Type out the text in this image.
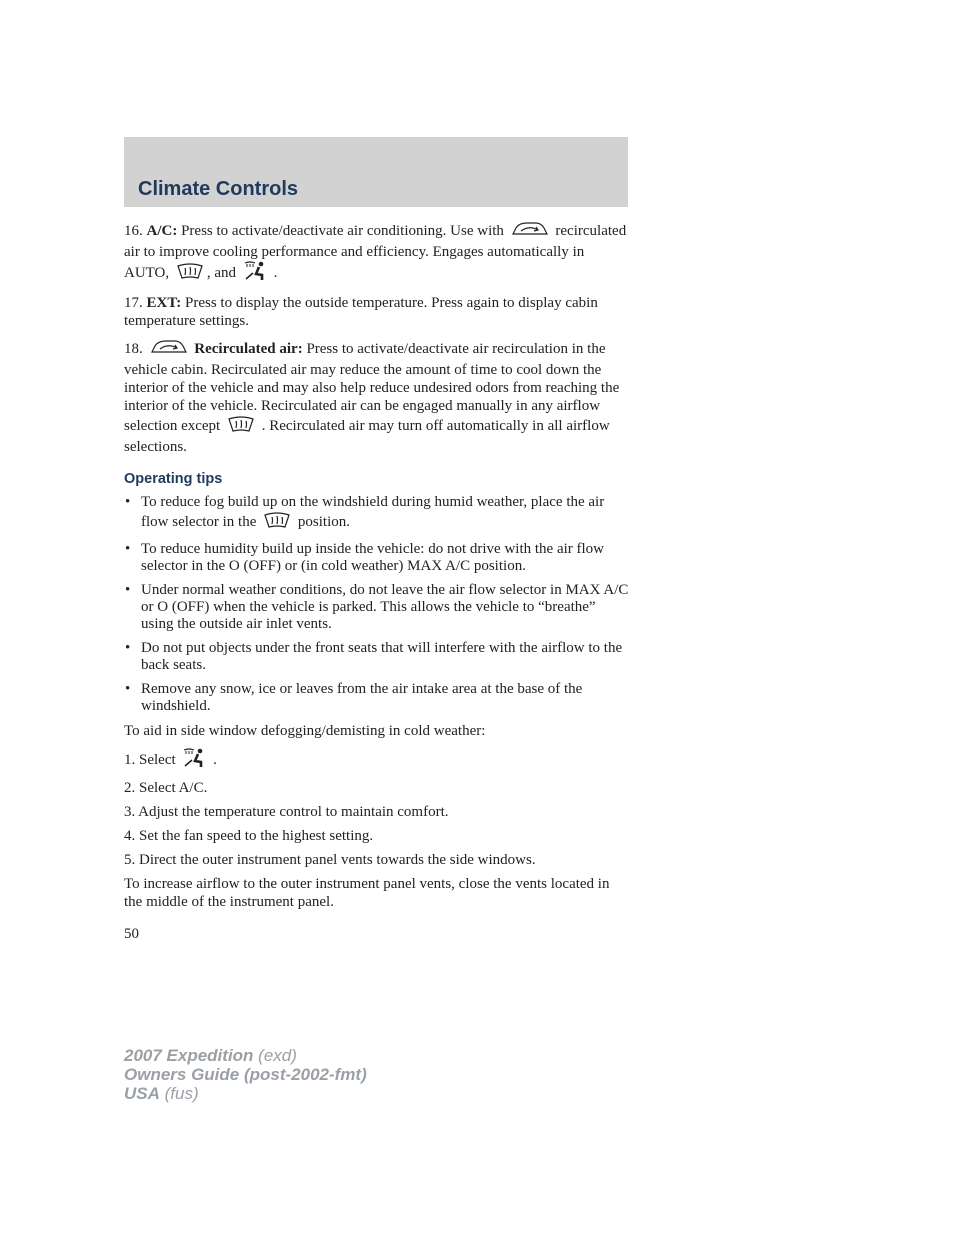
Climate Controls

16. A/C: Press to activate/deactivate air conditioning. Use with	recirculated air to improve cooling performance and efficiency. Engages automatically in AUTO,	, and	.

17. EXT: Press to display the outside temperature. Press again to display cabin temperature settings.

18.	Recirculated air: Press to activate/deactivate air recirculation in the vehicle cabin. Recirculated air may reduce the amount of time to cool down the interior of the vehicle and may also help reduce undesired odors from reaching the interior of the vehicle. Recirculated air can be engaged manually in any airflow selection except	. Recirculated air may turn off automatically in all airflow selections.

Operating tips
• To reduce fog build up on the windshield during humid weather, place the air flow selector in the	position.
• To reduce humidity build up inside the vehicle: do not drive with the air flow selector in the O (OFF) or (in cold weather) MAX A/C position.
• Under normal weather conditions, do not leave the air flow selector in MAX A/C or O (OFF) when the vehicle is parked. This allows the vehicle to “breathe” using the outside air inlet vents.
• Do not put objects under the front seats that will interfere with the airflow to the back seats.
• Remove any snow, ice or leaves from the air intake area at the base of the windshield.

To aid in side window defogging/demisting in cold weather:

1. Select	.
2. Select A/C.
3. Adjust the temperature control to maintain comfort.
4. Set the fan speed to the highest setting.
5. Direct the outer instrument panel vents towards the side windows.

To increase airflow to the outer instrument panel vents, close the vents located in the middle of the instrument panel.

50
2007 Expedition (exd)
Owners Guide (post-2002-fmt)
USA (fus)
